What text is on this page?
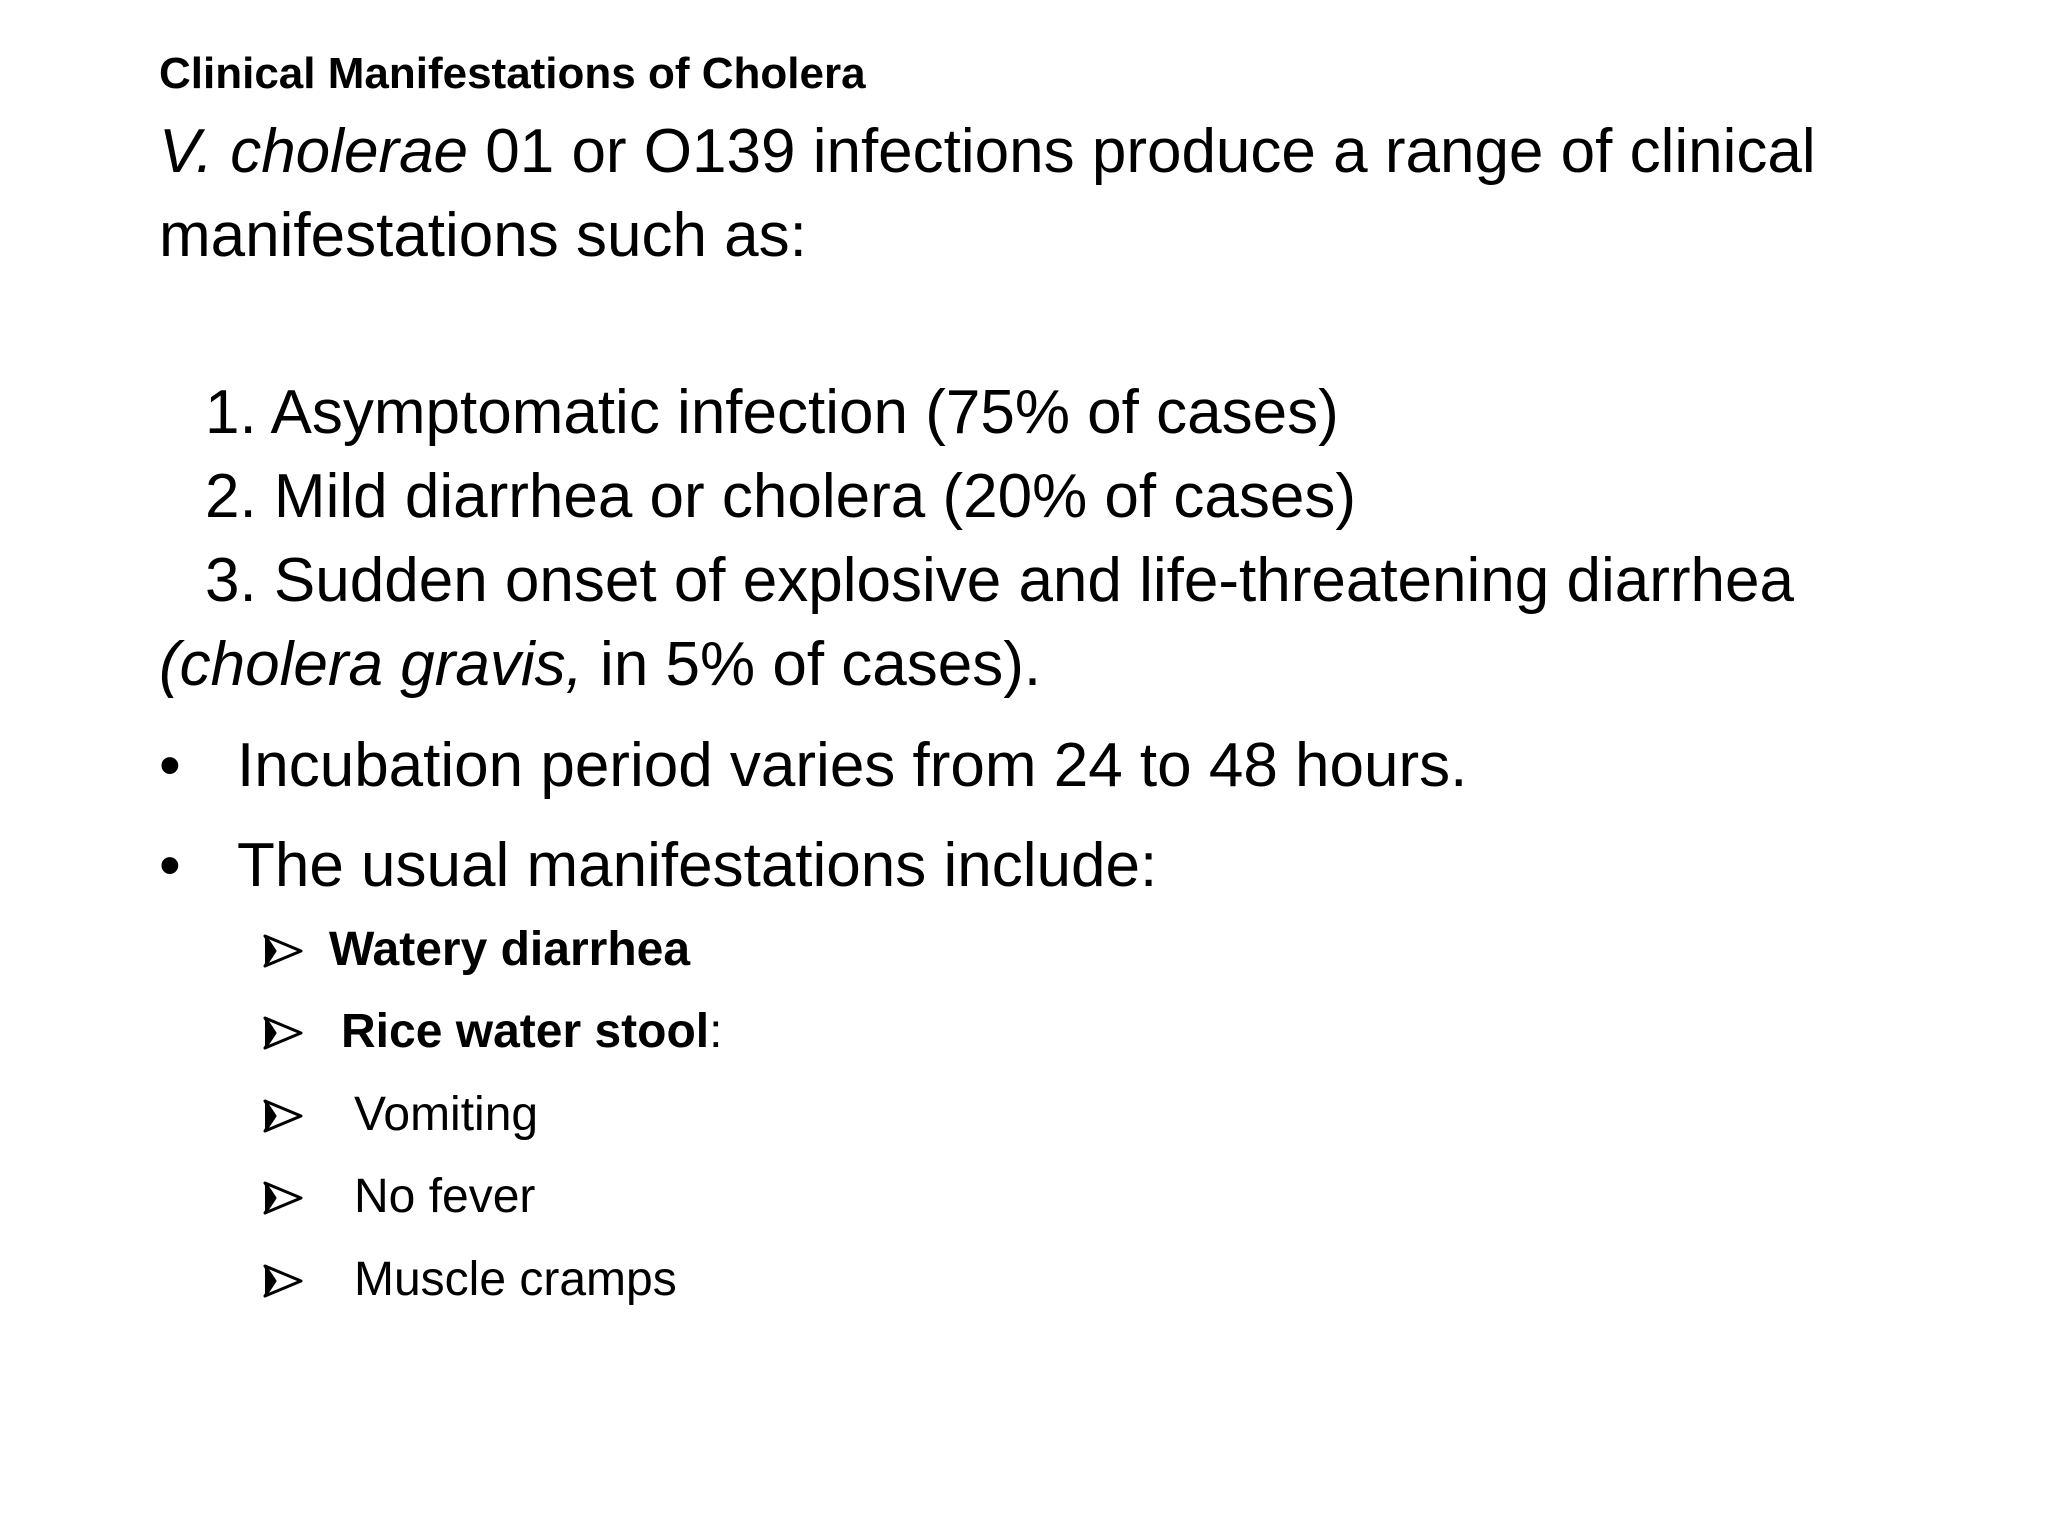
Clinical Manifestations of Cholera
V. cholerae 01 or O139 infections produce a range of clinical manifestations such as:
1. Asymptomatic infection (75% of cases)
2. Mild diarrhea or cholera (20% of cases)
3. Sudden onset of explosive and life-threatening diarrhea
(cholera gravis, in 5% of cases).
• Incubation period varies from 24 to 48 hours.
• The usual manifestations include:
Watery diarrhea
Rice water stool:
Vomiting
No fever
Muscle cramps
